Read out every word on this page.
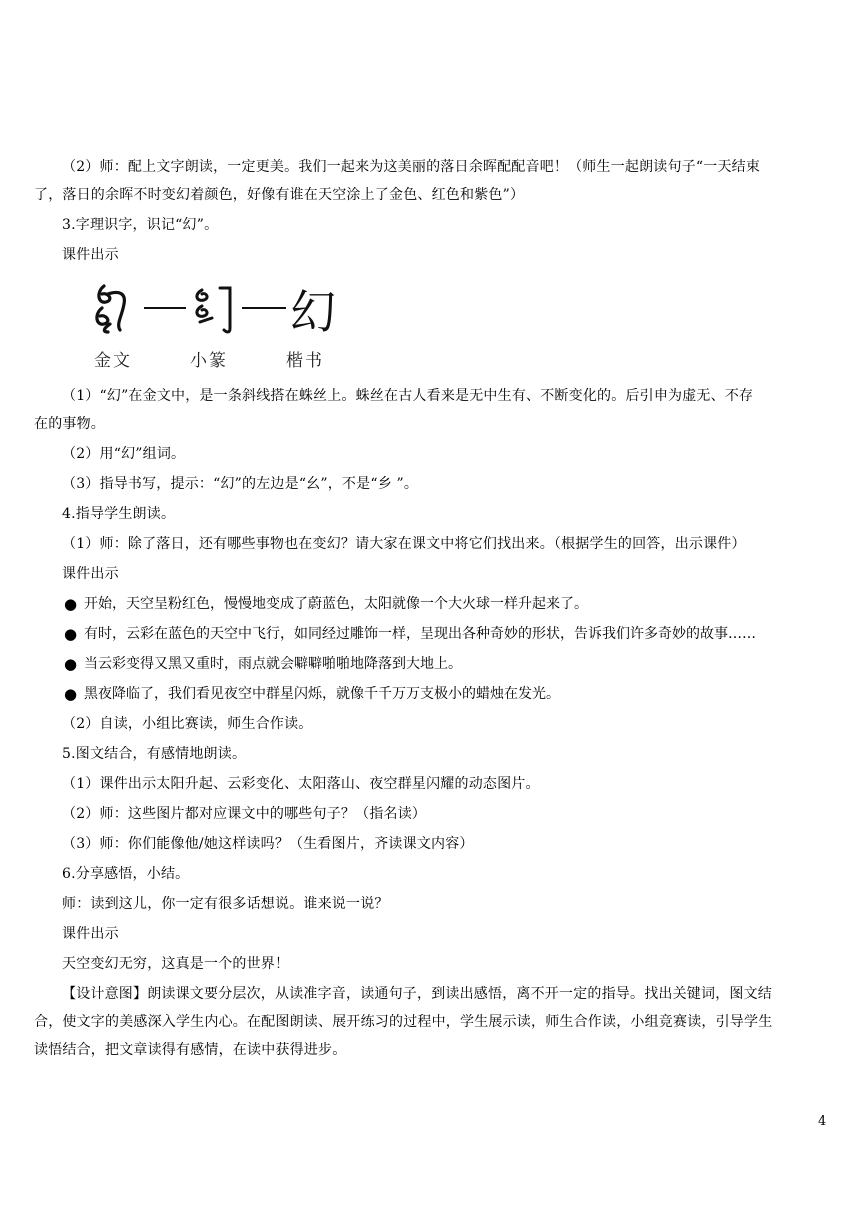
（2）师：配上文字朗读，一定更美。我们一起来为这美丽的落日余晖配配音吧！（师生一起朗读句子“一天结束
了，落日的余晖不时变幻着颜色，好像有谁在天空涂上了金色、红色和紫色”）
3.字理识字，识记“幻”。
课件出示
幻
金文	小篆	楷书
（1）“幻”在金文中，是一条斜线搭在蛛丝上。蛛丝在古人看来是无中生有、不断变化的。后引申为虚无、不存
在的事物。
（2）用“幻”组词。
（3）指导书写，提示：“幻”的左边是“幺”，不是“乡 ”。
4.指导学生朗读。
（1）师：除了落日，还有哪些事物也在变幻？请大家在课文中将它们找出来。（根据学生的回答，出示课件）
课件出示
● 开始，天空呈粉红色，慢慢地变成了蔚蓝色，太阳就像一个大火球一样升起来了。
● 有时，云彩在蓝色的天空中飞行，如同经过雕饰一样，呈现出各种奇妙的形状，告诉我们许多奇妙的故事……
● 当云彩变得又黑又重时，雨点就会噼噼啪啪地降落到大地上。
● 黑夜降临了，我们看见夜空中群星闪烁，就像千千万万支极小的蜡烛在发光。
（2）自读，小组比赛读，师生合作读。
5.图文结合，有感情地朗读。
（1）课件出示太阳升起、云彩变化、太阳落山、夜空群星闪耀的动态图片。
（2）师：这些图片都对应课文中的哪些句子？（指名读）
（3）师：你们能像他/她这样读吗？（生看图片，齐读课文内容）
6.分享感悟，小结。
师：读到这儿，你一定有很多话想说。谁来说一说？
课件出示
天空变幻无穷，这真是一个的世界！
【设计意图】朗读课文要分层次，从读准字音，读通句子，到读出感悟，离不开一定的指导。找出关键词，图文结
合，使文字的美感深入学生内心。在配图朗读、展开练习的过程中，学生展示读，师生合作读，小组竞赛读，引导学生
读悟结合，把文章读得有感情，在读中获得进步。
4
